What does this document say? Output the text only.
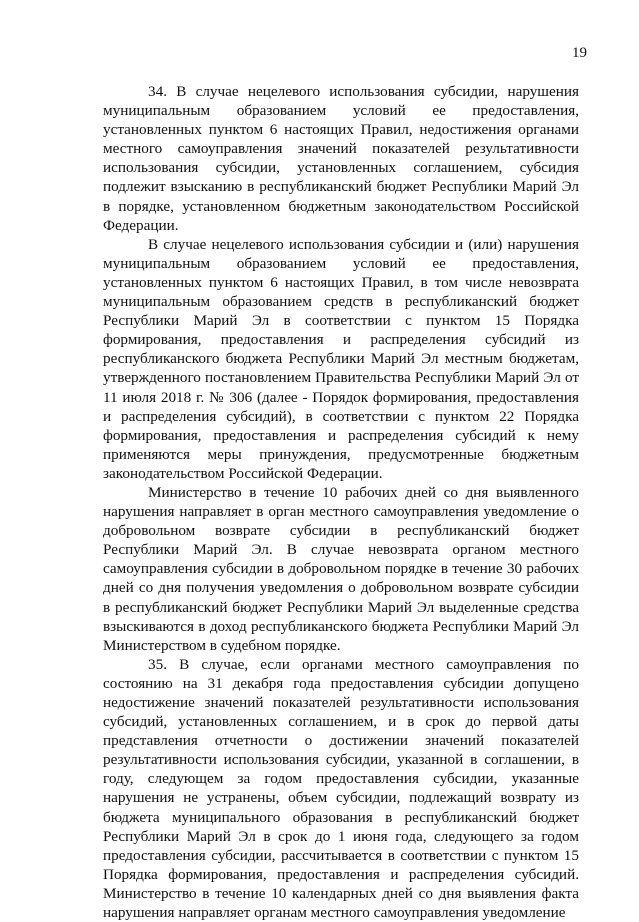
19

34. В случае нецелевого использования субсидии, нарушения муниципальным образованием условий ее предоставления, установленных пунктом 6 настоящих Правил, недостижения органами местного самоуправления значений показателей результативности использования субсидии, установленных соглашением, субсидия подлежит взысканию в республиканский бюджет Республики Марий Эл в порядке, установленном бюджетным законодательством Российской Федерации.

В случае нецелевого использования субсидии и (или) нарушения муниципальным образованием условий ее предоставления, установленных пунктом 6 настоящих Правил, в том числе невозврата муниципальным образованием средств в республиканский бюджет Республики Марий Эл в соответствии с пунктом 15 Порядка формирования, предоставления и распределения субсидий из республиканского бюджета Республики Марий Эл местным бюджетам, утвержденного постановлением Правительства Республики Марий Эл от 11 июля 2018 г. № 306 (далее - Порядок формирования, предоставления и распределения субсидий), в соответствии с пунктом 22 Порядка формирования, предоставления и распределения субсидий к нему применяются меры принуждения, предусмотренные бюджетным законодательством Российской Федерации.

Министерство в течение 10 рабочих дней со дня выявленного нарушения направляет в орган местного самоуправления уведомление о добровольном возврате субсидии в республиканский бюджет Республики Марий Эл. В случае невозврата органом местного самоуправления субсидии в добровольном порядке в течение 30 рабочих дней со дня получения уведомления о добровольном возврате субсидии в республиканский бюджет Республики Марий Эл выделенные средства взыскиваются в доход республиканского бюджета Республики Марий Эл Министерством в судебном порядке.

35. В случае, если органами местного самоуправления по состоянию на 31 декабря года предоставления субсидии допущено недостижение значений показателей результативности использования субсидий, установленных соглашением, и в срок до первой даты представления отчетности о достижении значений показателей результативности использования субсидии, указанной в соглашении, в году, следующем за годом предоставления субсидии, указанные нарушения не устранены, объем субсидии, подлежащий возврату из бюджета муниципального образования в республиканский бюджет Республики Марий Эл в срок до 1 июня года, следующего за годом предоставления субсидии, рассчитывается в соответствии с пунктом 15 Порядка формирования, предоставления и распределения субсидий. Министерство в течение 10 календарных дней со дня выявления факта нарушения направляет органам местного самоуправления уведомление
